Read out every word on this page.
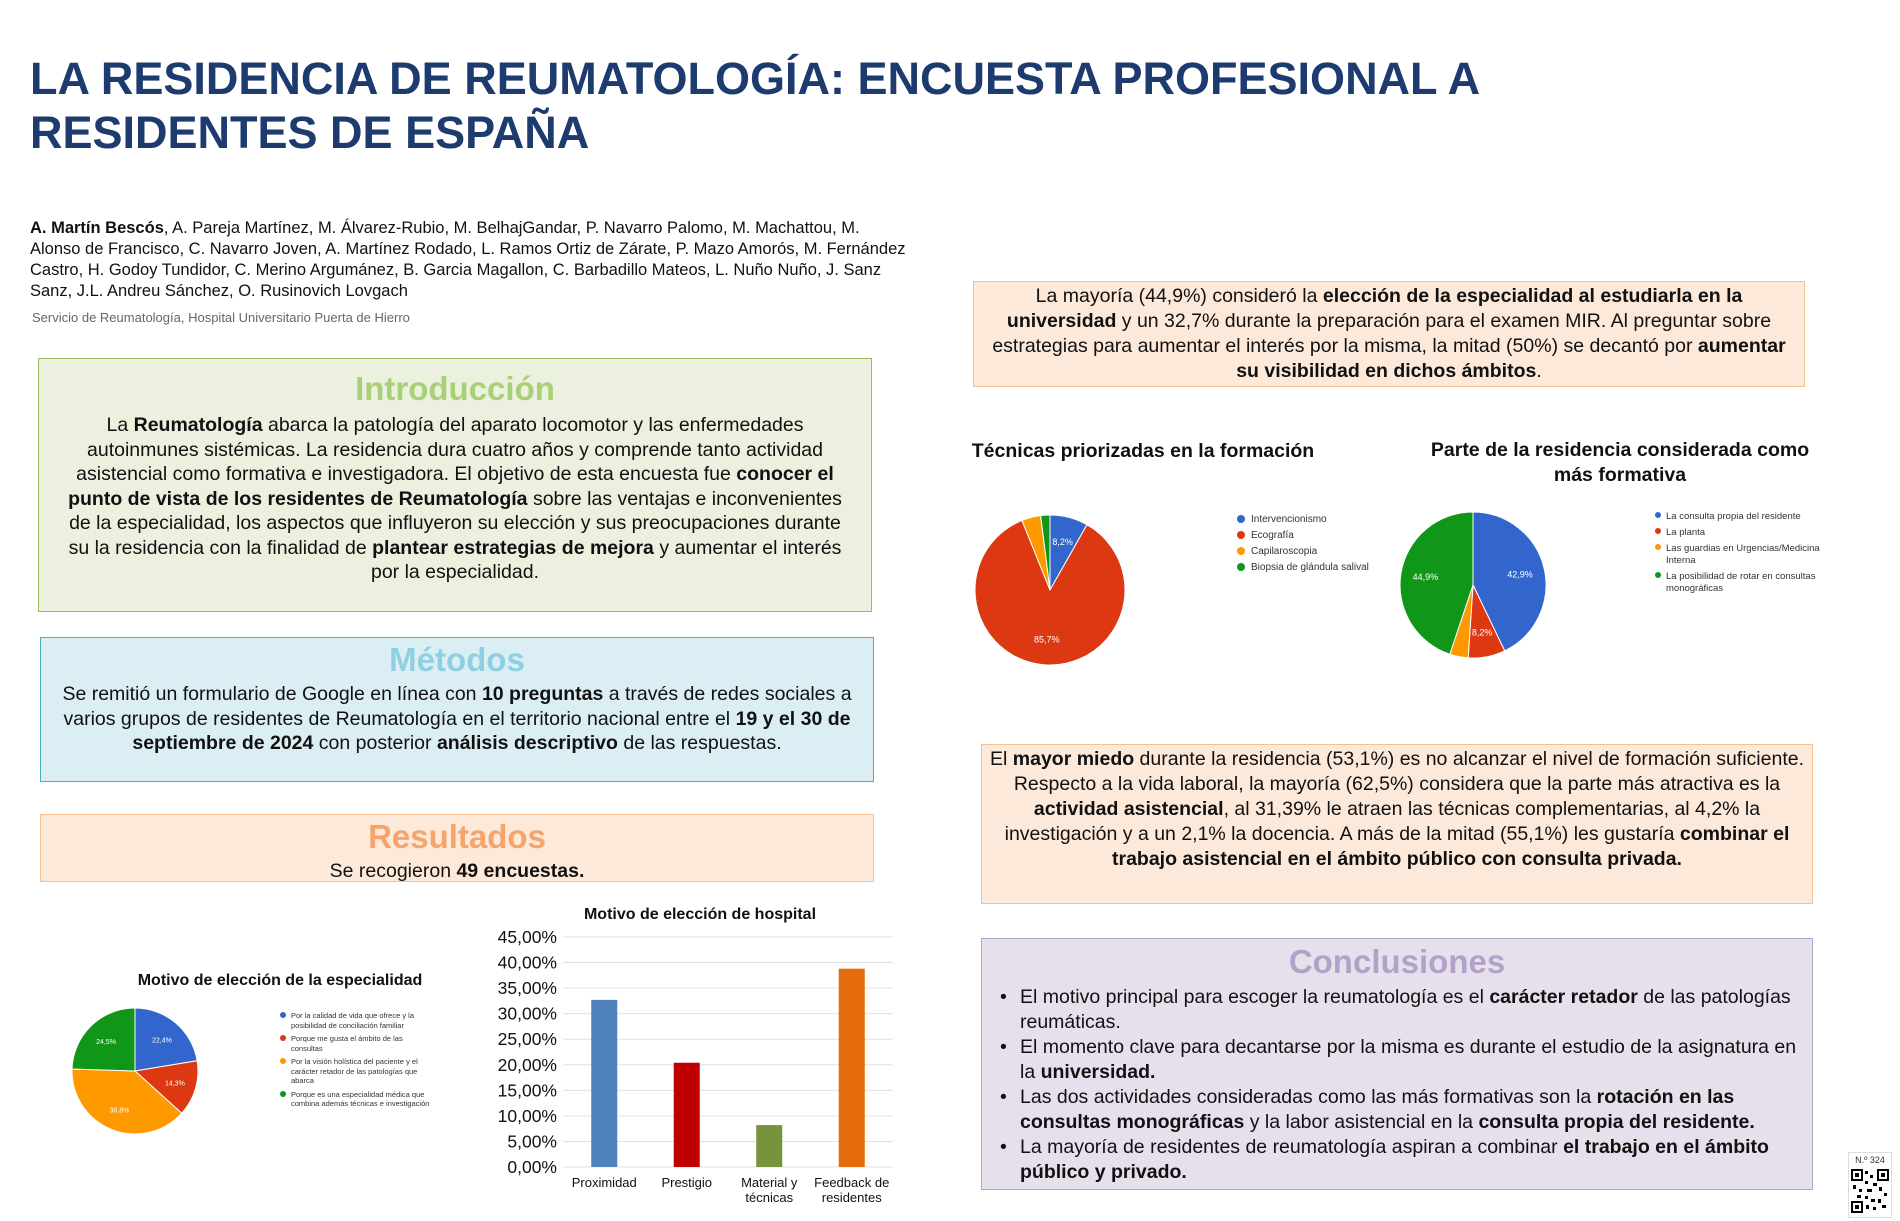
LA RESIDENCIA DE REUMATOLOGÍA: ENCUESTA PROFESIONAL A RESIDENTES DE ESPAÑA
A. Martín Bescós, A. Pareja Martínez, M. Álvarez-Rubio, M. BelhajGandar, P. Navarro Palomo, M. Machattou, M. Alonso de Francisco, C. Navarro Joven, A. Martínez Rodado, L. Ramos Ortiz de Zárate, P. Mazo Amorós, M. Fernández Castro, H. Godoy Tundidor, C. Merino Argumánez, B. Garcia Magallon, C. Barbadillo Mateos, L. Nuño Nuño, J. Sanz Sanz, J.L. Andreu Sánchez, O. Rusinovich Lovgach
Servicio de Reumatología, Hospital Universitario Puerta de Hierro
Introducción
La Reumatología abarca la patología del aparato locomotor y las enfermedades autoinmunes sistémicas. La residencia dura cuatro años y comprende tanto actividad asistencial como formativa e investigadora. El objetivo de esta encuesta fue conocer el punto de vista de los residentes de Reumatología sobre las ventajas e inconvenientes de la especialidad, los aspectos que influyeron su elección y sus preocupaciones durante su la residencia con la finalidad de plantear estrategias de mejora y aumentar el interés por la especialidad.
Métodos
Se remitió un formulario de Google en línea con 10 preguntas a través de redes sociales a varios grupos de residentes de Reumatología en el territorio nacional entre el 19 y el 30 de septiembre de 2024 con posterior análisis descriptivo de las respuestas.
Resultados
Se recogieron 49 encuestas.
Motivo de elección de la especialidad
22,4%
14,3%
38,8%
24,5%
Por la calidad de vida que ofrece y la posibilidad de conciliación familiar
Porque me gusta el ámbito de las consultas
Por la visión holística del paciente y el carácter retador de las patologías que abarca
Porque es una especialidad médica que combina además técnicas e investigación
Motivo de elección de hospital
0,00%
5,00%
10,00%
15,00%
20,00%
25,00%
30,00%
35,00%
40,00%
45,00%
Proximidad Prestigio Material y
técnicas
Feedback de
residentes
La mayoría (44,9%) consideró la elección de la especialidad al estudiarla en la universidad y un 32,7% durante la preparación para el examen MIR. Al preguntar sobre estrategias para aumentar el interés por la misma, la mitad (50%) se decantó por aumentar su visibilidad en dichos ámbitos.
Técnicas priorizadas en la formación
8,2%
85,7%
Intervencionismo
Ecografía
Capilaroscopia
Biopsia de glándula salival
Parte de la residencia considerada como más formativa
42,9%
8,2%
44,9%
La consulta propia del residente
La planta
Las guardias en Urgencias/Medicina Interna
La posibilidad de rotar en consultas monográficas
El mayor miedo durante la residencia (53,1%) es no alcanzar el nivel de formación suficiente. Respecto a la vida laboral, la mayoría (62,5%) considera que la parte más atractiva es la actividad asistencial, al 31,39% le atraen las técnicas complementarias, al 4,2% la investigación y a un 2,1% la docencia. A más de la mitad (55,1%) les gustaría combinar el trabajo asistencial en el ámbito público con consulta privada.
Conclusiones
• El motivo principal para escoger la reumatología es el carácter retador de las patologías reumáticas.
• El momento clave para decantarse por la misma es durante el estudio de la asignatura en la universidad.
• Las dos actividades consideradas como las más formativas son la rotación en las consultas monográficas y la labor asistencial en la consulta propia del residente.
• La mayoría de residentes de reumatología aspiran a combinar el trabajo en el ámbito público y privado.
N.º 324
